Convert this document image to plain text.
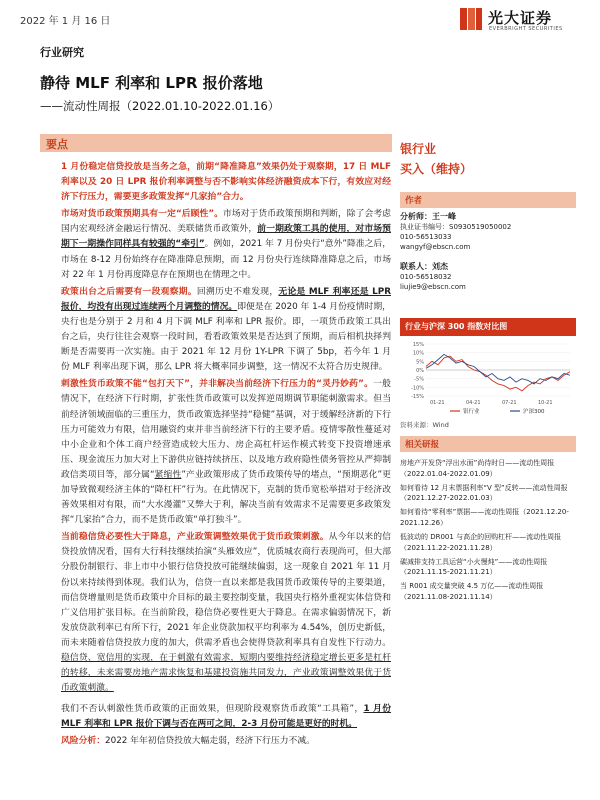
2022 年 1 月 16 日	光大证券
EVERBRIGHT SECURITIES
行业研究
静待 MLF 利率和 LPR 报价落地
——流动性周报（2022.01.10-2022.01.16）
要点

1 月份稳定信贷投放是当务之急，前期“降准降息”效果仍处于观察期，17 日 MLF 利率以及 20 日 LPR 报价利率调整与否不影响实体经济融资成本下行，有效应对经济下行压力，需要更多政策发挥“几家抬”合力。

市场对货币政策预期具有一定“后顾性”。市场对于货币政策预期和判断，除了会考虑国内宏观经济金融运行情况、美联储货币政策外，前一期政策工具的使用，对市场预期下一期操作同样具有较强的“牵引”。例如，2021 年 7 月份央行“意外”降准之后，市场在 8-12 月份始终存在降准降息预期，而 12 月份央行连续降准降息之后，市场对 22 年 1 月份再度降息存在预期也在情理之中。

政策出台之后需要有一段观察期。回溯历史不难发现，无论是 MLF 利率还是 LPR 报价，均没有出现过连续两个月调整的情况。即便是在 2020 年 1-4 月份疫情时期，央行也是分别于 2 月和 4 月下调 MLF 利率和 LPR 报价。即，一项货币政策工具出台之后，央行往往会观察一段时间，看看政策效果是否达到了预期，而后相机抉择判断是否需要再一次实施。由于 2021 年 12 月份 1Y-LPR 下调了 5bp，若今年 1 月份 MLF 利率出现下调，那么 LPR 将大概率同步调整，这一情况不太符合历史规律。

刺激性货币政策不能“包打天下”，并非解决当前经济下行压力的“灵丹妙药”。一般情况下，在经济下行时期，扩张性货币政策可以发挥逆周期调节职能刺激需求。但当前经济领域面临的三重压力，货币政策选择坚持“稳健”基调，对于缓解经济新的下行压力可能效力有限，信用融资约束并非当前经济下行的主要矛盾。疫情零散性蔓延对中小企业和个体工商户经营造成较大压力、房企高杠杆运作模式转变下投资增速承压、现金流压力加大对上下游供应链持续挤压、以及地方政府隐性债务管控从严抑制政信类项目等，部分属“紧缩性”产业政策形成了货币政策传导的堵点，“预期恶化”更加导致微观经济主体的“降杠杆”行为。在此情况下，克制的货币宽松举措对于经济改善效果相对有限，而“大水漫灌”又弊大于利，解决当前有效需求不足需要更多政策发挥“几家抬”合力，而不是货币政策“单打独斗”。

当前稳信贷必要性大于降息，产业政策调整效果优于货币政策刺激。从今年以来的信贷投放情况看，国有大行科技继续抬演“头雁效应”，优质城农商行表现尚可，但大部分股份制银行、非上市中小银行信贷投放可能继续偏弱，这一现象自 2021 年 11 月份以来持续得到体现。我们认为，信贷一直以来都是我国货币政策传导的主要渠道，而信贷增量则是货币政策中介目标的最主要控制变量，我国央行格外重视实体信贷和广义信用扩张目标。在当前阶段，稳信贷必要性更大于降息。在需求偏弱情况下，新发放贷款利率已有所下行，2021 年企业贷款加权平均利率为 4.54%，创历史新低，而未来随着信贷投放力度的加大，供需矛盾也会使得贷款利率具有自发性下行动力。稳信贷、宽信用的实现，在于刺激有效需求，短期内要维持经济稳定增长更多是杠杆的转移，未来需要房地产需求恢复和基建投资施共同发力，产业政策调整效果优于货币政策刺激。

我们不否认刺激性货币政策的正面效果，但现阶段观察货币政策“工具箱”，1 月份 MLF 利率和 LPR 报价下调与否在两可之间，2-3 月份可能是更好的时机。

风险分析：2022 年年初信贷投放大幅走弱，经济下行压力不减。

银行业
买入（维持）
作者
分析师：王一峰
执业证书编号：S0930519050002
010-56513033
wangyf@ebscn.com
联系人：刘杰
010-56518032
liujie9@ebscn.com
行业与沪深 300 指数对比图
-15%
-10%
-5%
0%
5%
10%
15%
01-21	04-21	07-21	10-21
银行业	沪深300
资料来源：Wind
相关研报

房地产开发贷“浮出水面”尚待时日——流动性周报（2022.01.04-2022.01.09）

如何看待 12 月末票据利率“V 型”反转——流动性周报（2021.12.27-2022.01.03）

如何看待“零利率”票据——流动性周报（2021.12.20-2021.12.26）

低波动的 DR001 与高企的回购杠杆——流动性周报（2021.11.22-2021.11.28）

碳减排支持工具运营“小火慢炖”——流动性周报（2021.11.15-2021.11.21）

当 R001 成交量突破 4.5 万亿——流动性周报（2021.11.08-2021.11.14）
